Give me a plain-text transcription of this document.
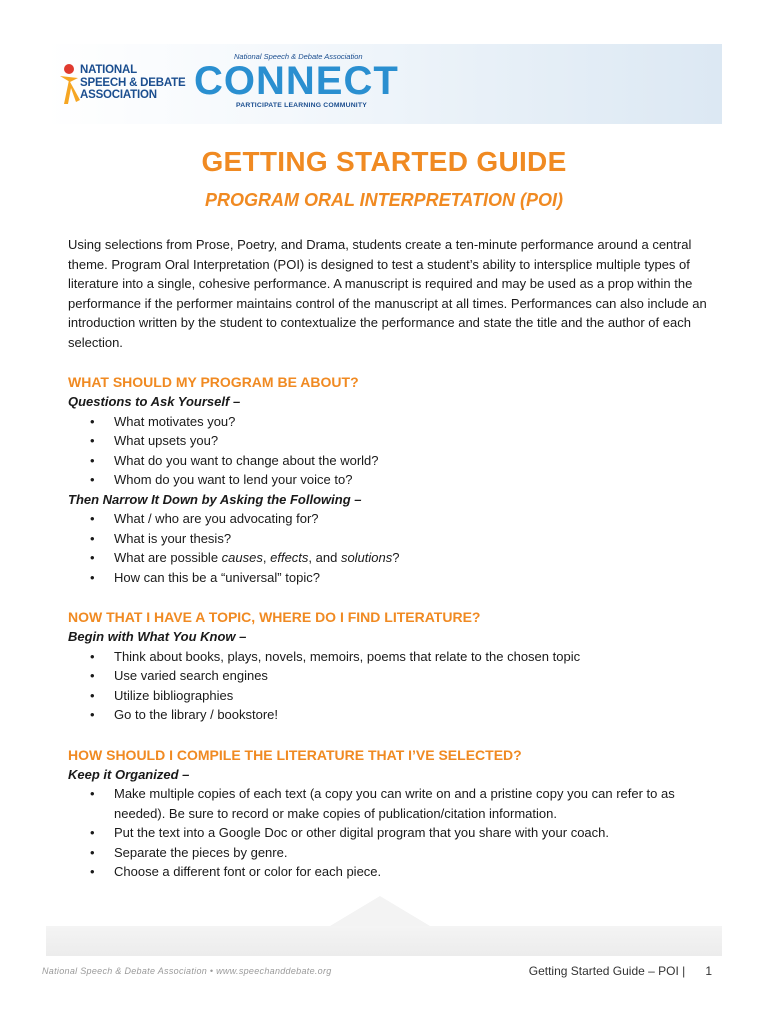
NATIONAL
SPEECH & DEBATE
ASSOCIATION
National Speech & Debate Association
CONNECT
PARTICIPATE LEARNING COMMUNITY
GETTING STARTED GUIDE
PROGRAM ORAL INTERPRETATION (POI)

Using selections from Prose, Poetry, and Drama, students create a ten-minute performance around a central theme. Program Oral Interpretation (POI) is designed to test a student’s ability to intersplice multiple types of literature into a single, cohesive performance. A manuscript is required and may be used as a prop within the performance if the performer maintains control of the manuscript at all times. Performances can also include an introduction written by the student to contextualize the performance and state the title and the author of each selection.

WHAT SHOULD MY PROGRAM BE ABOUT?

Questions to Ask Yourself –

• What motivates you?
• What upsets you?
• What do you want to change about the world?
• Whom do you want to lend your voice to?

Then Narrow It Down by Asking the Following –

• What / who are you advocating for?
• What is your thesis?
• What are possible causes, effects, and solutions?
• How can this be a “universal” topic?

NOW THAT I HAVE A TOPIC, WHERE DO I FIND LITERATURE?

Begin with What You Know –

• Think about books, plays, novels, memoirs, poems that relate to the chosen topic
• Use varied search engines
• Utilize bibliographies
• Go to the library / bookstore!

HOW SHOULD I COMPILE THE LITERATURE THAT I’VE SELECTED?

Keep it Organized –

• Make multiple copies of each text (a copy you can write on and a pristine copy you can refer to as needed). Be sure to record or make copies of publication/citation information.
• Put the text into a Google Doc or other digital program that you share with your coach.
• Separate the pieces by genre.
• Choose a different font or color for each piece.
National Speech & Debate Association • www.speechanddebate.org	Getting Started Guide – POI | 1
